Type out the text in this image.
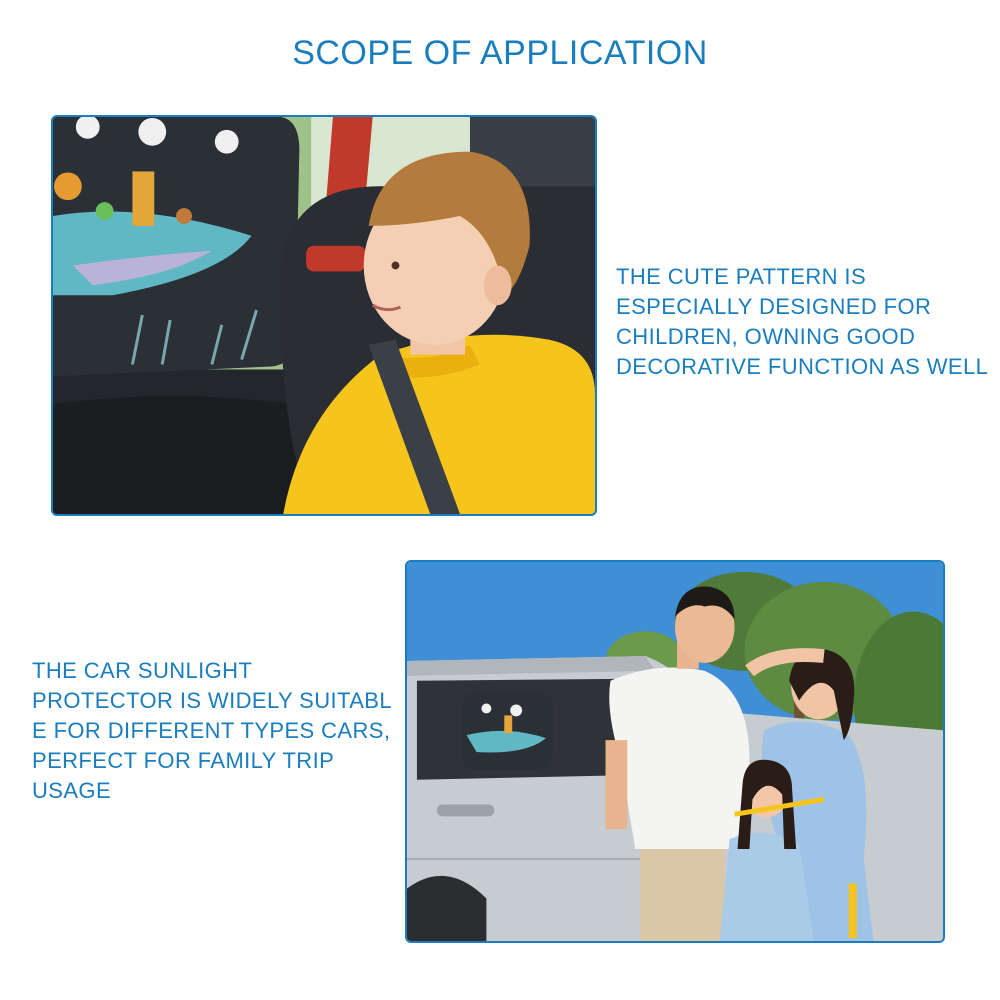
SCOPE OF APPLICATION
THE CUTE PATTERN IS
ESPECIALLY DESIGNED FOR
CHILDREN, OWNING GOOD
DECORATIVE FUNCTION AS WELL
THE CAR SUNLIGHT
PROTECTOR IS WIDELY SUITABL
E FOR DIFFERENT TYPES CARS,
PERFECT FOR FAMILY TRIP
USAGE
